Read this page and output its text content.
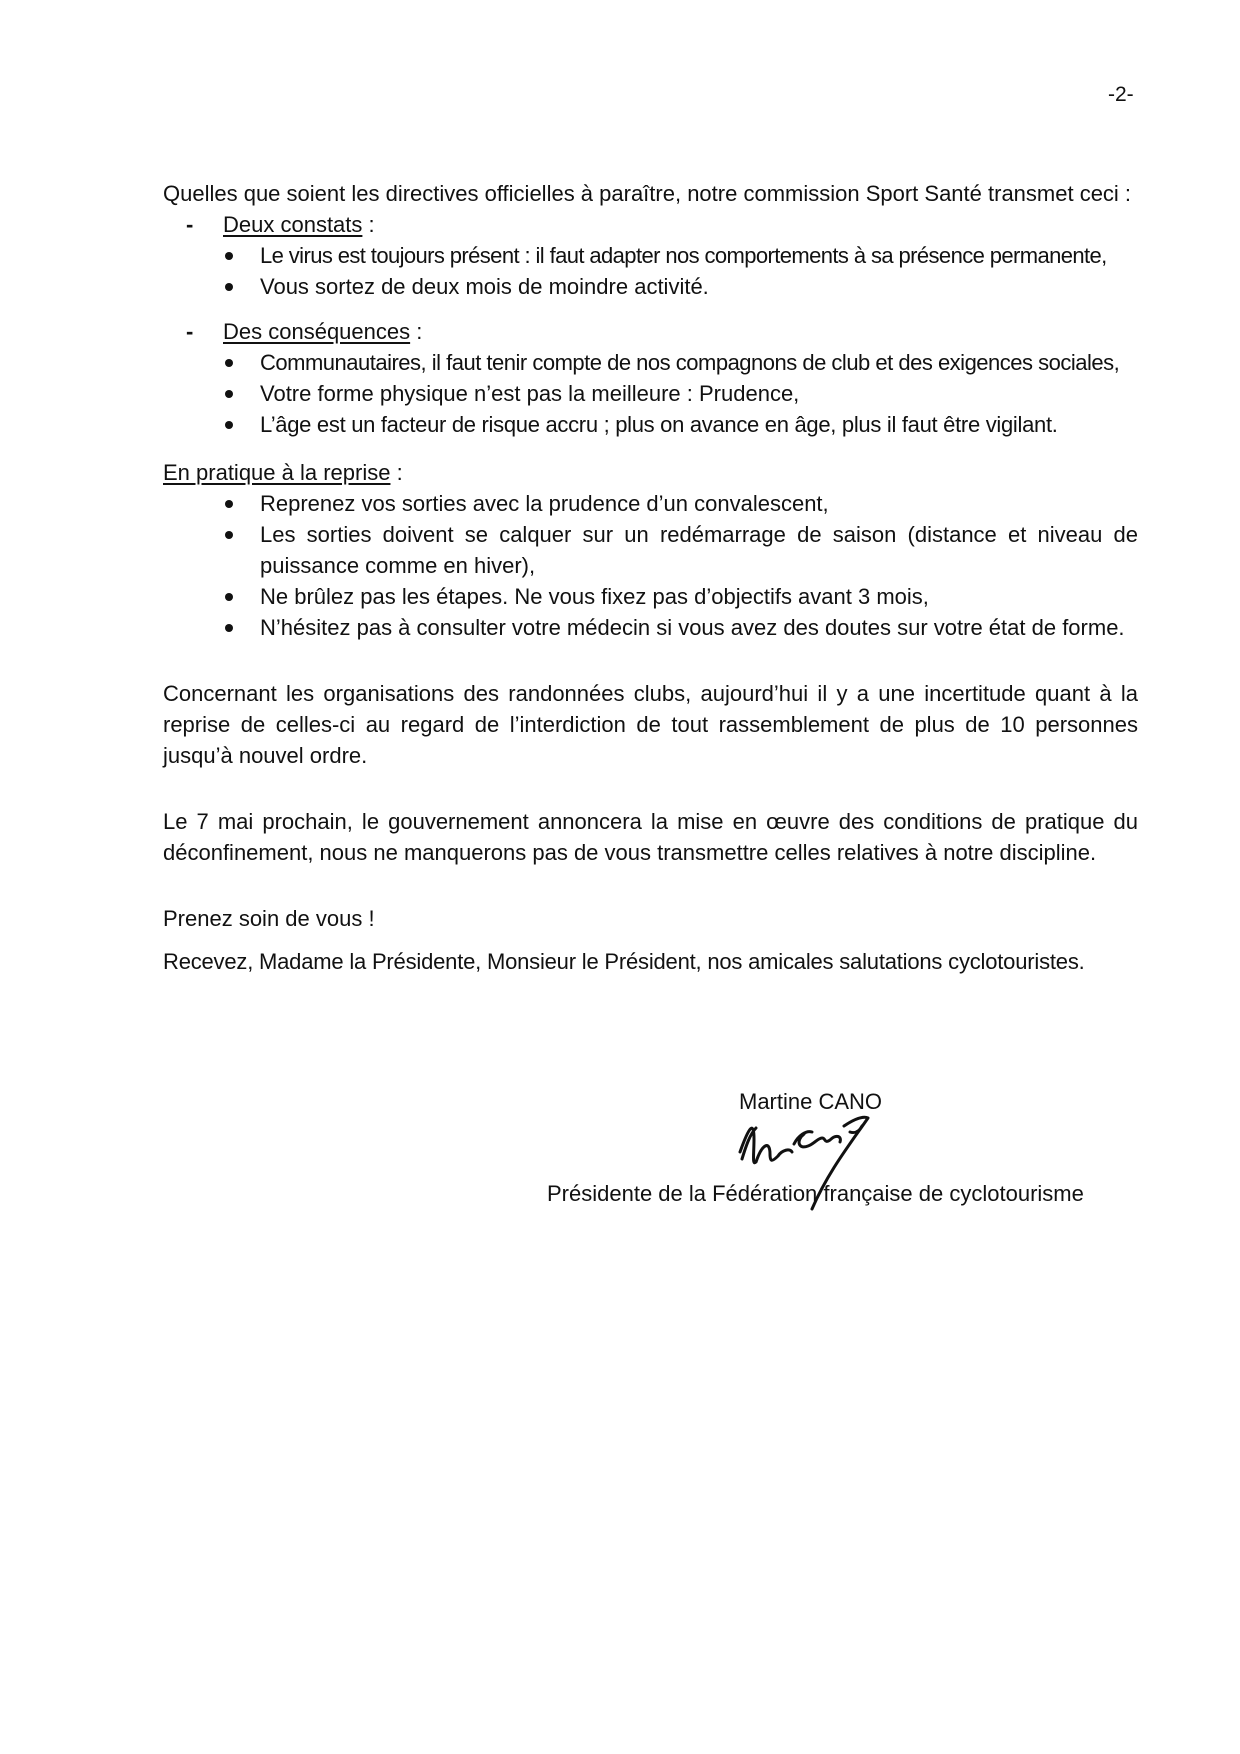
-2-

Quelles que soient les directives officielles à paraître, notre commission Sport Santé transmet ceci :

- Deux constats :
Le virus est toujours présent : il faut adapter nos comportements à sa présence permanente,
Vous sortez de deux mois de moindre activité.
- Des conséquences :
Communautaires, il faut tenir compte de nos compagnons de club et des exigences sociales,
Votre forme physique n’est pas la meilleure : Prudence,
L’âge est un facteur de risque accru ; plus on avance en âge, plus il faut être vigilant.

En pratique à la reprise :

Reprenez vos sorties avec la prudence d’un convalescent,
Les sorties doivent se calquer sur un redémarrage de saison (distance et niveau de puissance comme en hiver),
Ne brûlez pas les étapes. Ne vous fixez pas d’objectifs avant 3 mois,
N’hésitez pas à consulter votre médecin si vous avez des doutes sur votre état de forme.

Concernant les organisations des randonnées clubs, aujourd’hui il y a une incertitude quant à la reprise de celles-ci au regard de l’interdiction de tout rassemblement de plus de 10 personnes jusqu’à nouvel ordre.

Le 7 mai prochain, le gouvernement annoncera la mise en œuvre des conditions de pratique du déconfinement, nous ne manquerons pas de vous transmettre celles relatives à notre discipline.

Prenez soin de vous !

Recevez, Madame la Présidente, Monsieur le Président, nos amicales salutations cyclotouristes.

Martine CANO
Présidente de la Fédération française de cyclotourisme
